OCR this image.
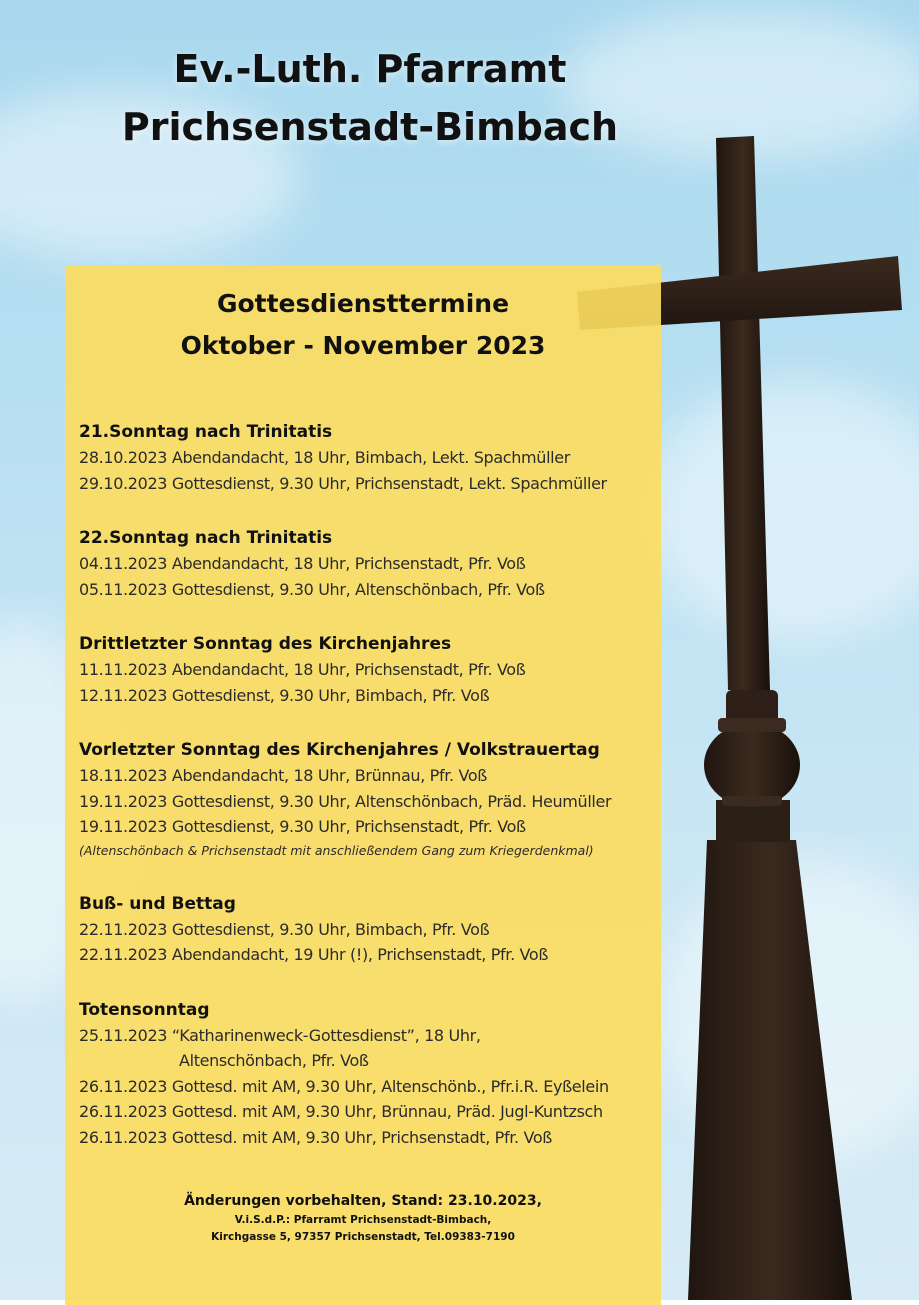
Ev.-Luth. Pfarramt
Prichsenstadt-Bimbach
Gottesdiensttermine
Oktober - November 2023
21.Sonntag nach Trinitatis
28.10.2023 Abendandacht, 18 Uhr, Bimbach, Lekt. Spachmüller
29.10.2023 Gottesdienst, 9.30 Uhr, Prichsenstadt, Lekt. Spachmüller
22.Sonntag nach Trinitatis
04.11.2023 Abendandacht, 18 Uhr, Prichsenstadt, Pfr. Voß
05.11.2023 Gottesdienst, 9.30 Uhr, Altenschönbach, Pfr. Voß
Drittletzter Sonntag des Kirchenjahres
11.11.2023 Abendandacht, 18 Uhr, Prichsenstadt, Pfr. Voß
12.11.2023 Gottesdienst, 9.30 Uhr, Bimbach, Pfr. Voß
Vorletzter Sonntag des Kirchenjahres / Volkstrauertag
18.11.2023 Abendandacht, 18 Uhr, Brünnau, Pfr. Voß
19.11.2023 Gottesdienst, 9.30 Uhr, Altenschönbach, Präd. Heumüller
19.11.2023 Gottesdienst, 9.30 Uhr, Prichsenstadt, Pfr. Voß
(Altenschönbach & Prichsenstadt mit anschließendem Gang zum Kriegerdenkmal)
Buß- und Bettag
22.11.2023 Gottesdienst, 9.30 Uhr, Bimbach, Pfr. Voß
22.11.2023 Abendandacht, 19 Uhr (!), Prichsenstadt, Pfr. Voß
Totensonntag
25.11.2023 “Katharinenweck-Gottesdienst”, 18 Uhr,
Altenschönbach, Pfr. Voß
26.11.2023 Gottesd. mit AM, 9.30 Uhr, Altenschönb., Pfr.i.R. Eyßelein
26.11.2023 Gottesd. mit AM, 9.30 Uhr, Brünnau, Präd. Jugl-Kuntzsch
26.11.2023 Gottesd. mit AM, 9.30 Uhr, Prichsenstadt, Pfr. Voß
Änderungen vorbehalten, Stand: 23.10.2023,
V.i.S.d.P.: Pfarramt Prichsenstadt-Bimbach,
Kirchgasse 5, 97357 Prichsenstadt, Tel.09383-7190
